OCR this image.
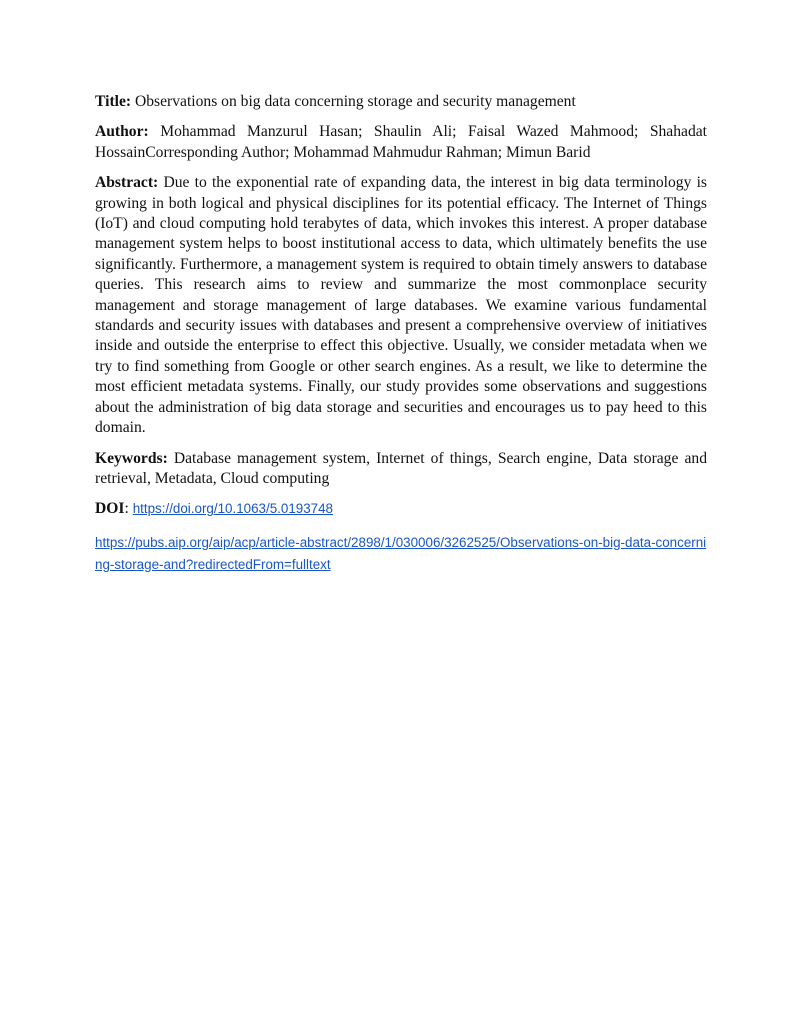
Title: Observations on big data concerning storage and security management

Author: Mohammad Manzurul Hasan; Shaulin Ali; Faisal Wazed Mahmood; Shahadat HossainCorresponding Author; Mohammad Mahmudur Rahman; Mimun Barid

Abstract: Due to the exponential rate of expanding data, the interest in big data terminology is growing in both logical and physical disciplines for its potential efficacy. The Internet of Things (IoT) and cloud computing hold terabytes of data, which invokes this interest. A proper database management system helps to boost institutional access to data, which ultimately benefits the use significantly. Furthermore, a management system is required to obtain timely answers to database queries. This research aims to review and summarize the most commonplace security management and storage management of large databases. We examine various fundamental standards and security issues with databases and present a comprehensive overview of initiatives inside and outside the enterprise to effect this objective. Usually, we consider metadata when we try to find something from Google or other search engines. As a result, we like to determine the most efficient metadata systems. Finally, our study provides some observations and suggestions about the administration of big data storage and securities and encourages us to pay heed to this domain.

Keywords: Database management system, Internet of things, Search engine, Data storage and retrieval, Metadata, Cloud computing

DOI: https://doi.org/10.1063/5.0193748

https://pubs.aip.org/aip/acp/article-abstract/2898/1/030006/3262525/Observations-on-big-data-concerning-storage-and?redirectedFrom=fulltext
